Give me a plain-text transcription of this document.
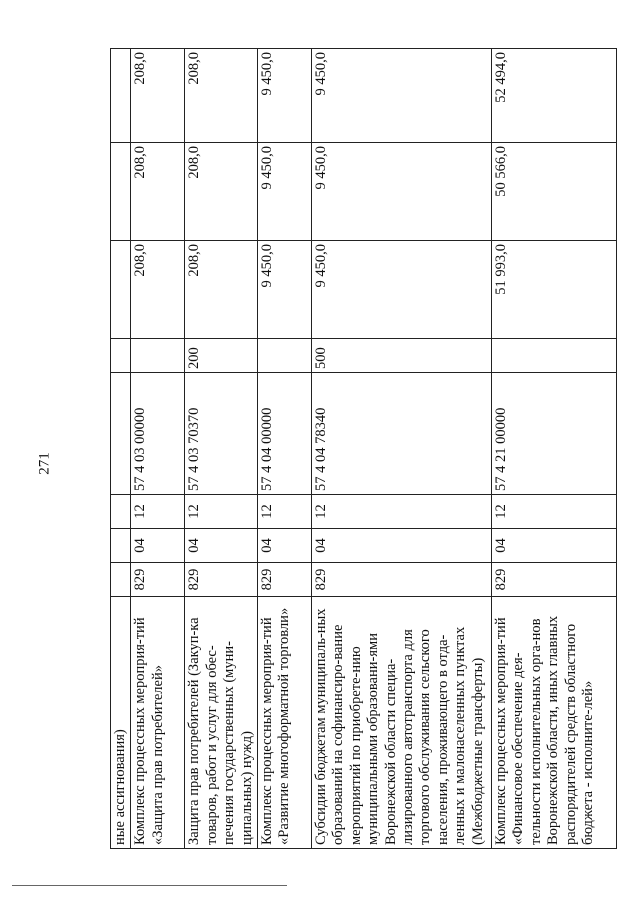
271
ные ассигнования)								
Комплекс процессных мероприя-тий «Защита прав потребителей»	829	04	12	57 4 03 00000		208,0	208,0	208,0
Защита прав потребителей (Закуп-ка товаров, работ и услуг для обес-печения государственных (муни-ципальных) нужд)	829	04	12	57 4 03 70370	200	208,0	208,0	208,0
Комплекс процессных мероприя-тий «Развитие многоформатной торговли»	829	04	12	57 4 04 00000		9 450,0	9 450,0	9 450,0
Субсидии бюджетам муниципаль-ных образований на софинансиро-вание мероприятий по приобрете-нию муниципальными образовани-ями Воронежской области специа-лизированного автотранспорта для торгового обслуживания сельского населения, проживающего в отда-ленных и малонаселенных пунктах (Межбюджетные трансферты)	829	04	12	57 4 04 78340	500	9 450,0	9 450,0	9 450,0
Комплекс процессных мероприя-тий «Финансовое обеспечение дея-тельности исполнительных орга-нов Воронежской области, иных главных распорядителей средств областного бюджета - исполните-лей»	829	04	12	57 4 21 00000		51 993,0	50 566,0	52 494,0
